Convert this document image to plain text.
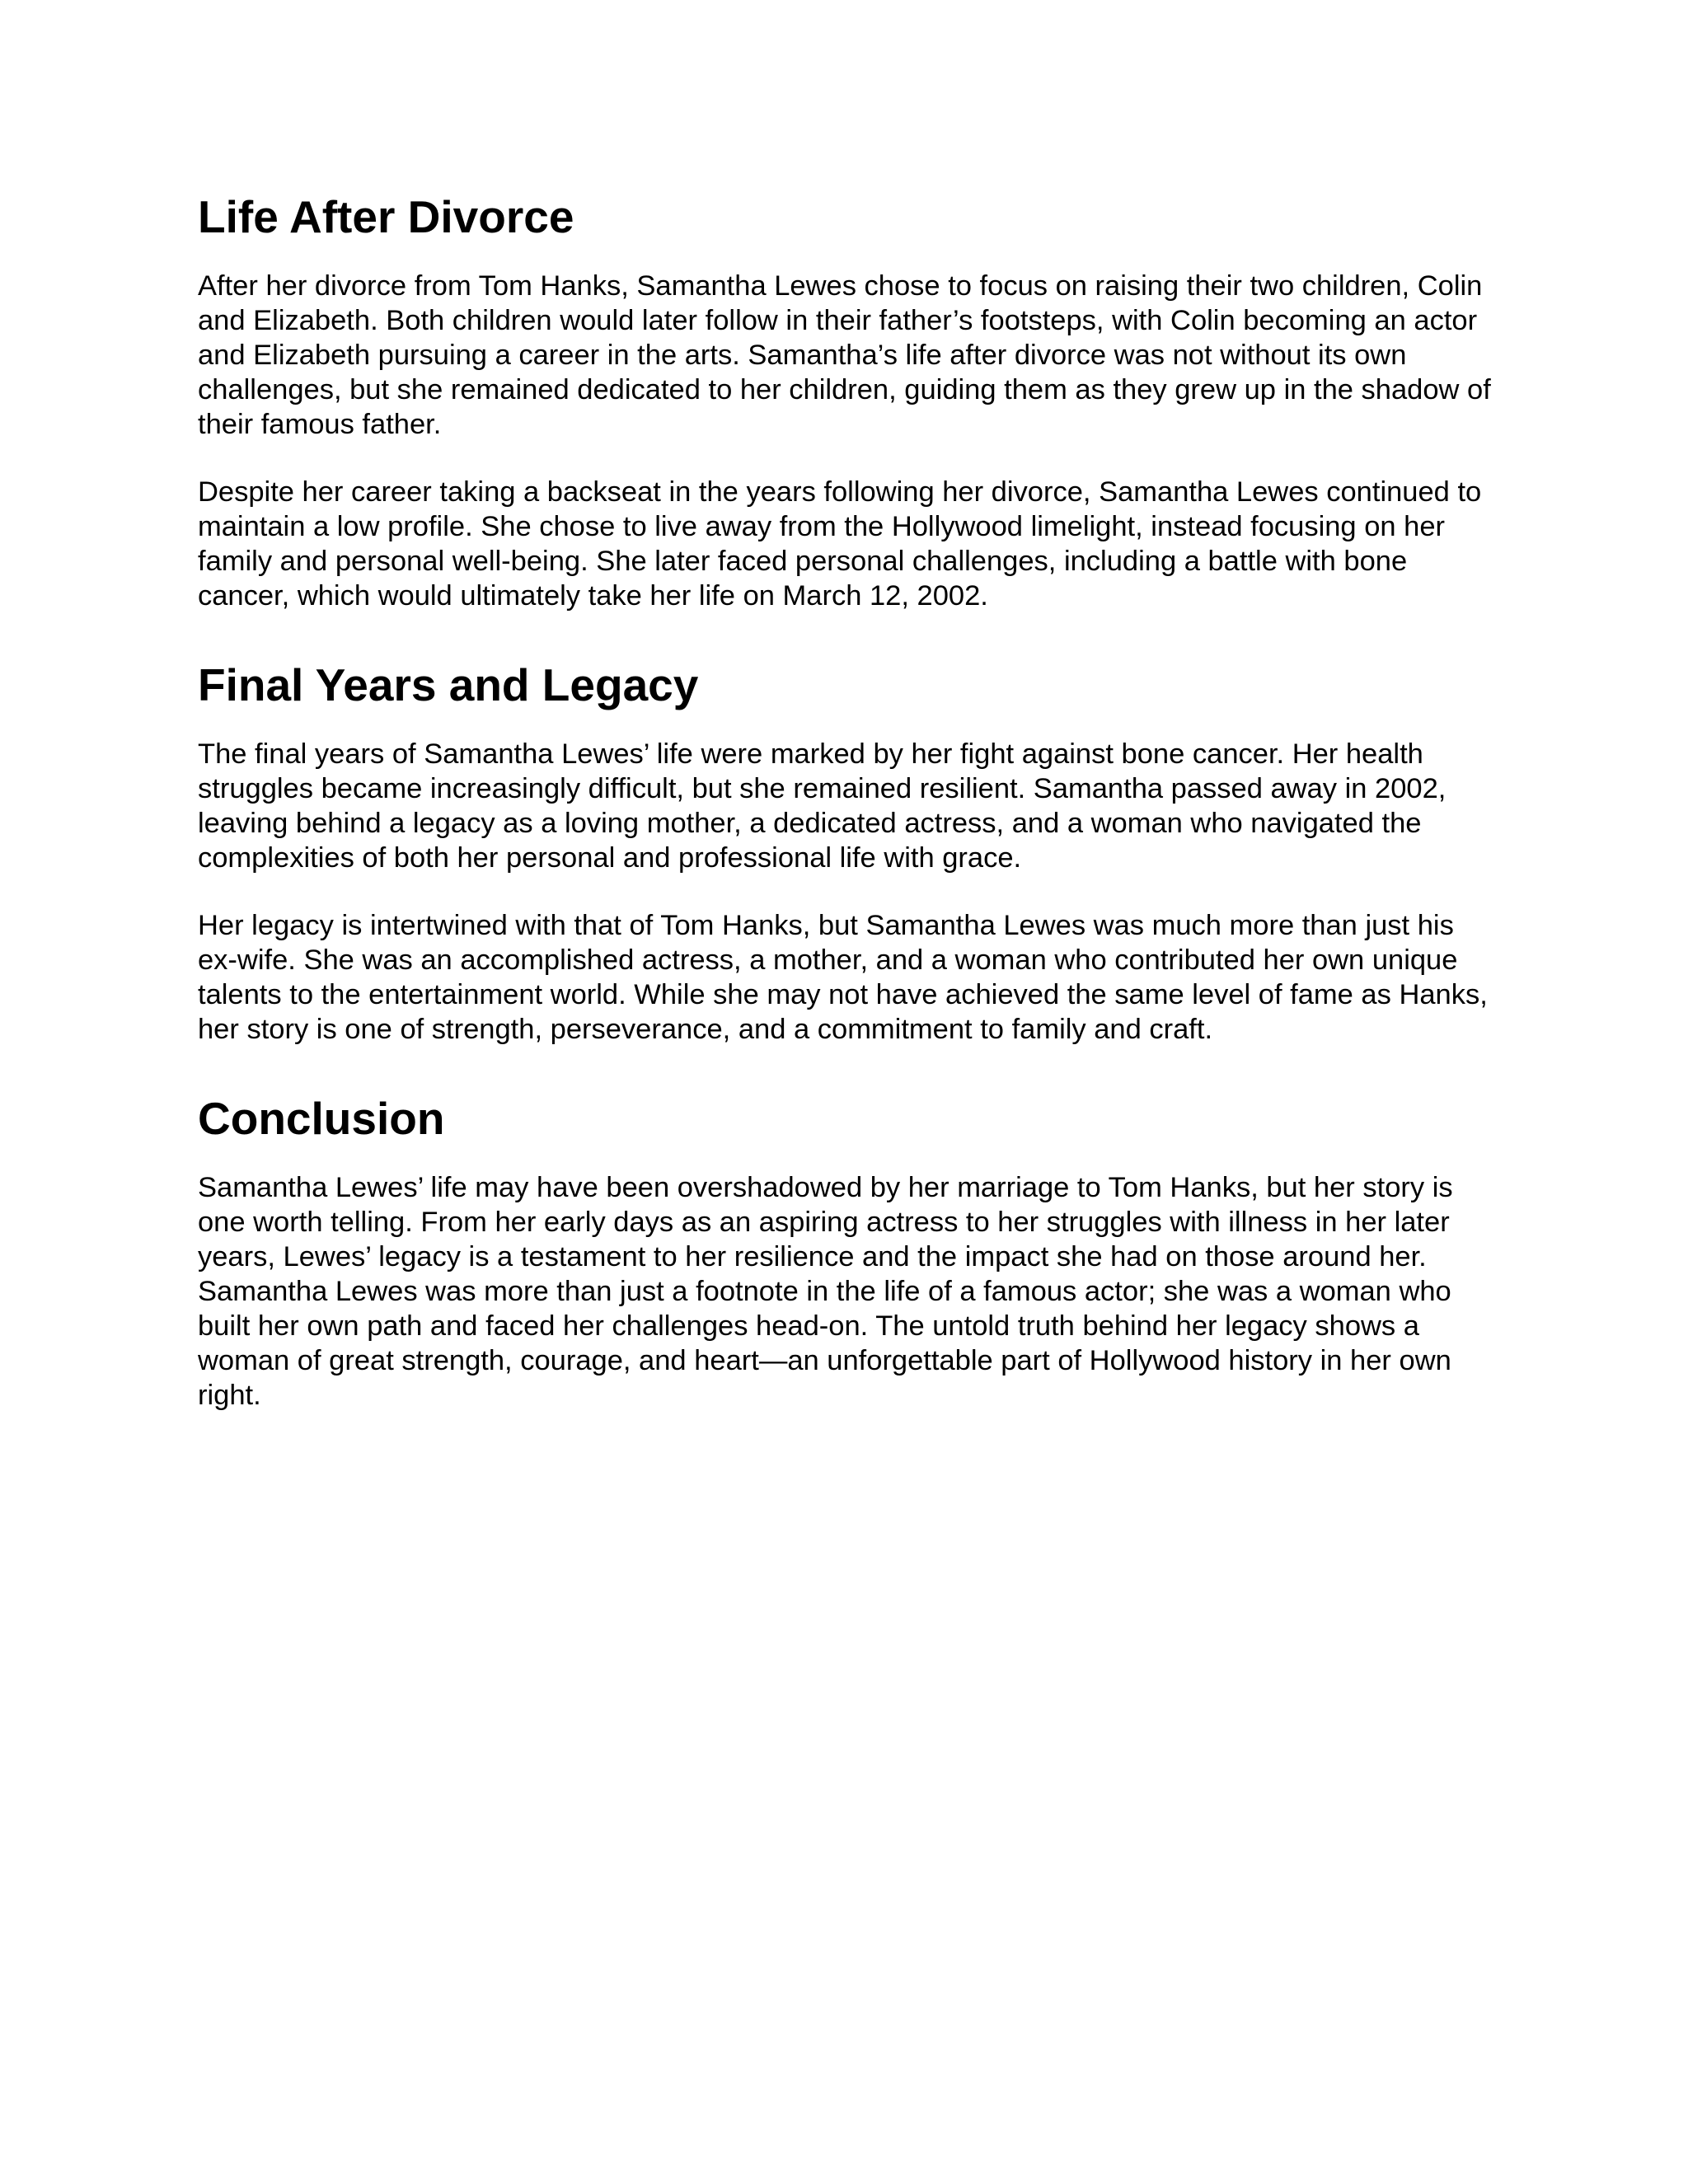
Life After Divorce

After her divorce from Tom Hanks, Samantha Lewes chose to focus on raising their two children, Colin and Elizabeth. Both children would later follow in their father’s footsteps, with Colin becoming an actor and Elizabeth pursuing a career in the arts. Samantha’s life after divorce was not without its own challenges, but she remained dedicated to her children, guiding them as they grew up in the shadow of their famous father.

Despite her career taking a backseat in the years following her divorce, Samantha Lewes continued to maintain a low profile. She chose to live away from the Hollywood limelight, instead focusing on her family and personal well-being. She later faced personal challenges, including a battle with bone cancer, which would ultimately take her life on March 12, 2002.

Final Years and Legacy

The final years of Samantha Lewes’ life were marked by her fight against bone cancer. Her health struggles became increasingly difficult, but she remained resilient. Samantha passed away in 2002, leaving behind a legacy as a loving mother, a dedicated actress, and a woman who navigated the complexities of both her personal and professional life with grace.

Her legacy is intertwined with that of Tom Hanks, but Samantha Lewes was much more than just his ex-wife. She was an accomplished actress, a mother, and a woman who contributed her own unique talents to the entertainment world. While she may not have achieved the same level of fame as Hanks, her story is one of strength, perseverance, and a commitment to family and craft.

Conclusion

Samantha Lewes’ life may have been overshadowed by her marriage to Tom Hanks, but her story is one worth telling. From her early days as an aspiring actress to her struggles with illness in her later years, Lewes’ legacy is a testament to her resilience and the impact she had on those around her. Samantha Lewes was more than just a footnote in the life of a famous actor; she was a woman who built her own path and faced her challenges head-on. The untold truth behind her legacy shows a woman of great strength, courage, and heart—an unforgettable part of Hollywood history in her own right.
